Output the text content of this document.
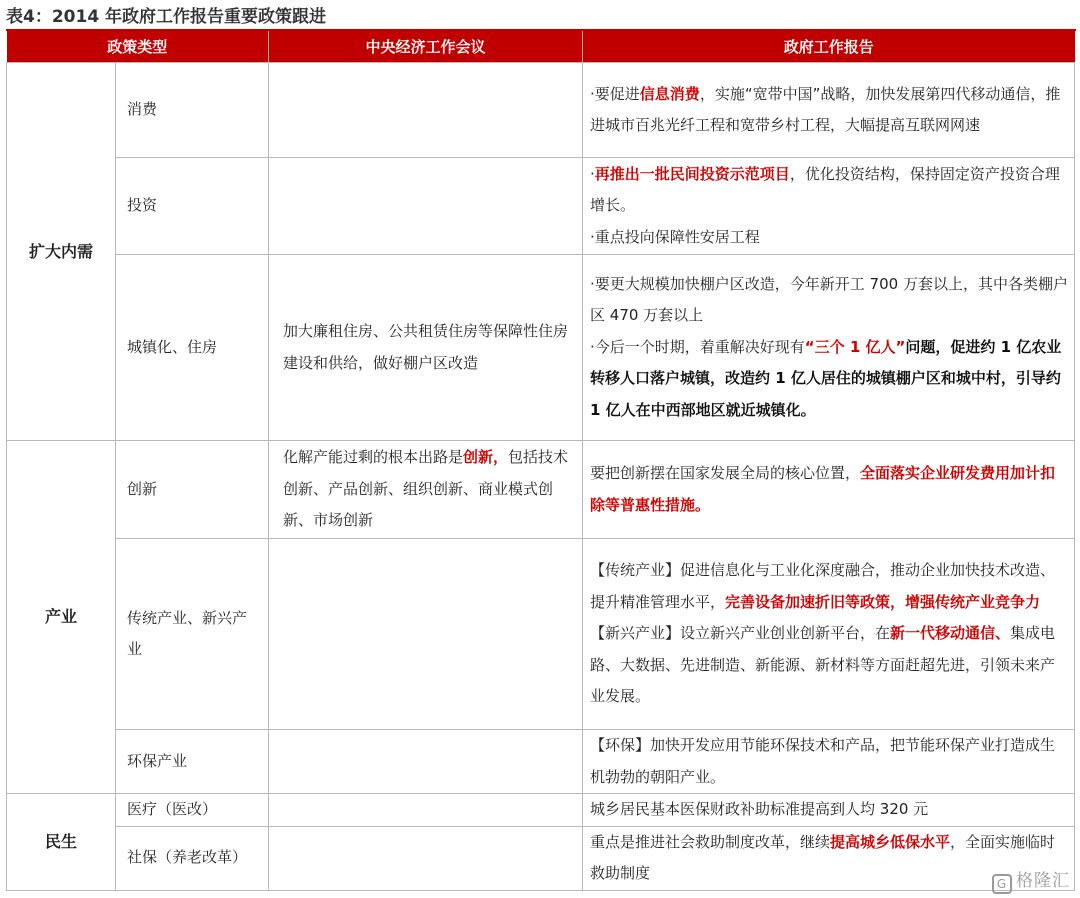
表4：2014 年政府工作报告重要政策跟进
政策类型		中央经济工作会议	政府工作报告
扩大内需	消费		·要促进信息消费，实施“宽带中国”战略，加快发展第四代移动通信，推进城市百兆光纤工程和宽带乡村工程，大幅提高互联网网速
	投资		·再推出一批民间投资示范项目，优化投资结构，保持固定资产投资合理增长。

·重点投向保障性安居工程

	城镇化、住房	加大廉租住房、公共租赁住房等保障性住房建设和供给，做好棚户区改造	·要更大规模加快棚户区改造，今年新开工 700 万套以上，其中各类棚户区 470 万套以上

·今后一个时期，着重解决好现有“三个 1 亿人”问题，促进约 1 亿农业转移人口落户城镇，改造约 1 亿人居住的城镇棚户区和城中村，引导约 1 亿人在中西部地区就近城镇化。

产业	创新	化解产能过剩的根本出路是创新，包括技术创新、产品创新、组织创新、商业模式创新、市场创新	要把创新摆在国家发展全局的核心位置，全面落实企业研发费用加计扣除等普惠性措施。
	传统产业、新兴产业		【传统产业】促进信息化与工业化深度融合，推动企业加快技术改造、提升精准管理水平，完善设备加速折旧等政策，增强传统产业竞争力

【新兴产业】设立新兴产业创业创新平台，在新一代移动通信、集成电路、大数据、先进制造、新能源、新材料等方面赶超先进，引领未来产业发展。

	环保产业		【环保】加快开发应用节能环保技术和产品，把节能环保产业打造成生机勃勃的朝阳产业。
民生	医疗（医改）		城乡居民基本医保财政补助标准提高到人均 320 元
	社保（养老改革）		重点是推进社会救助制度改革，继续提高城乡低保水平，全面实施临时救助制度
G 格隆汇
